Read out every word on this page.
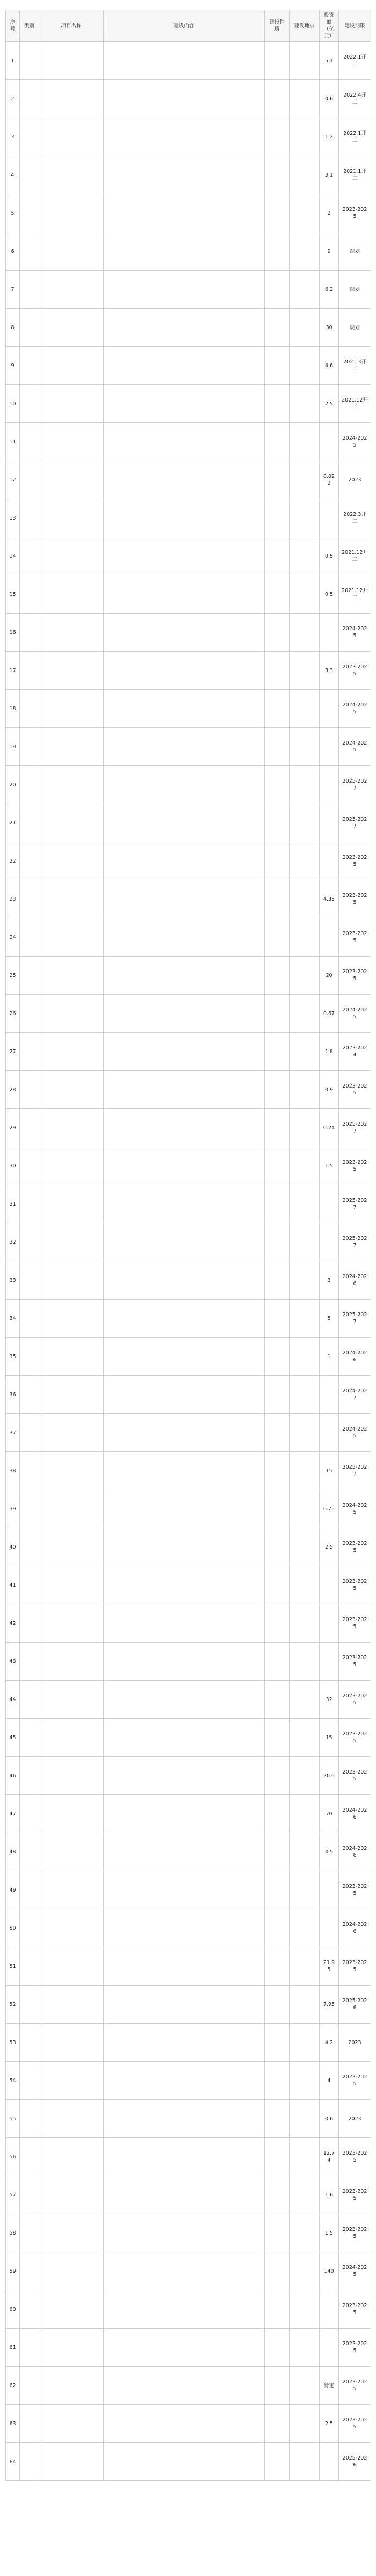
序号	类别	项目名称	建设内容	建设性质	建设地点	投资额（亿元）	建设期限
1						5.1	2022.1开工
2						0.6	2022.4开工
3						1.2	2022.1开工
4						3.1	2021.1开工
5						2	2023-2025
6						9	规划
7						6.2	规划
8						30	规划
9						6.6	2021.3开工
10						2.5	2021.12开工
11							2024-2025
12						0.022	2023
13							2022.3开工
14						0.5	2021.12开工
15						0.5	2021.12开工
16							2024-2025
17						3.3	2023-2025
18							2024-2025
19							2024-2025
20							2025-2027
21							2025-2027
22							2023-2025
23						4.35	2023-2025
24							2023-2025
25						20	2023-2025
26						0.67	2024-2025
27						1.8	2023-2024
28						0.9	2023-2025
29						0.24	2025-2027
30						1.5	2023-2025
31							2025-2027
32							2025-2027
33						3	2024-2026
34						5	2025-2027
35						1	2024-2026
36							2024-2027
37							2024-2025
38						15	2025-2027
39						0.75	2024-2025
40						2.5	2023-2025
41							2023-2025
42							2023-2025
43							2023-2025
44						32	2023-2025
45						15	2023-2025
46						20.6	2023-2025
47						70	2024-2026
48						4.5	2024-2026
49							2023-2025
50							2024-2026
51						21.95	2023-2025
52						7.95	2025-2026
53						4.2	2023
54						4	2023-2025
55						0.6	2023
56						12.74	2023-2025
57						1.6	2023-2025
58						1.5	2023-2025
59						140	2024-2025
60							2023-2025
61							2023-2025
62						待定	2023-2025
63						2.5	2023-2025
64							2025-2026
